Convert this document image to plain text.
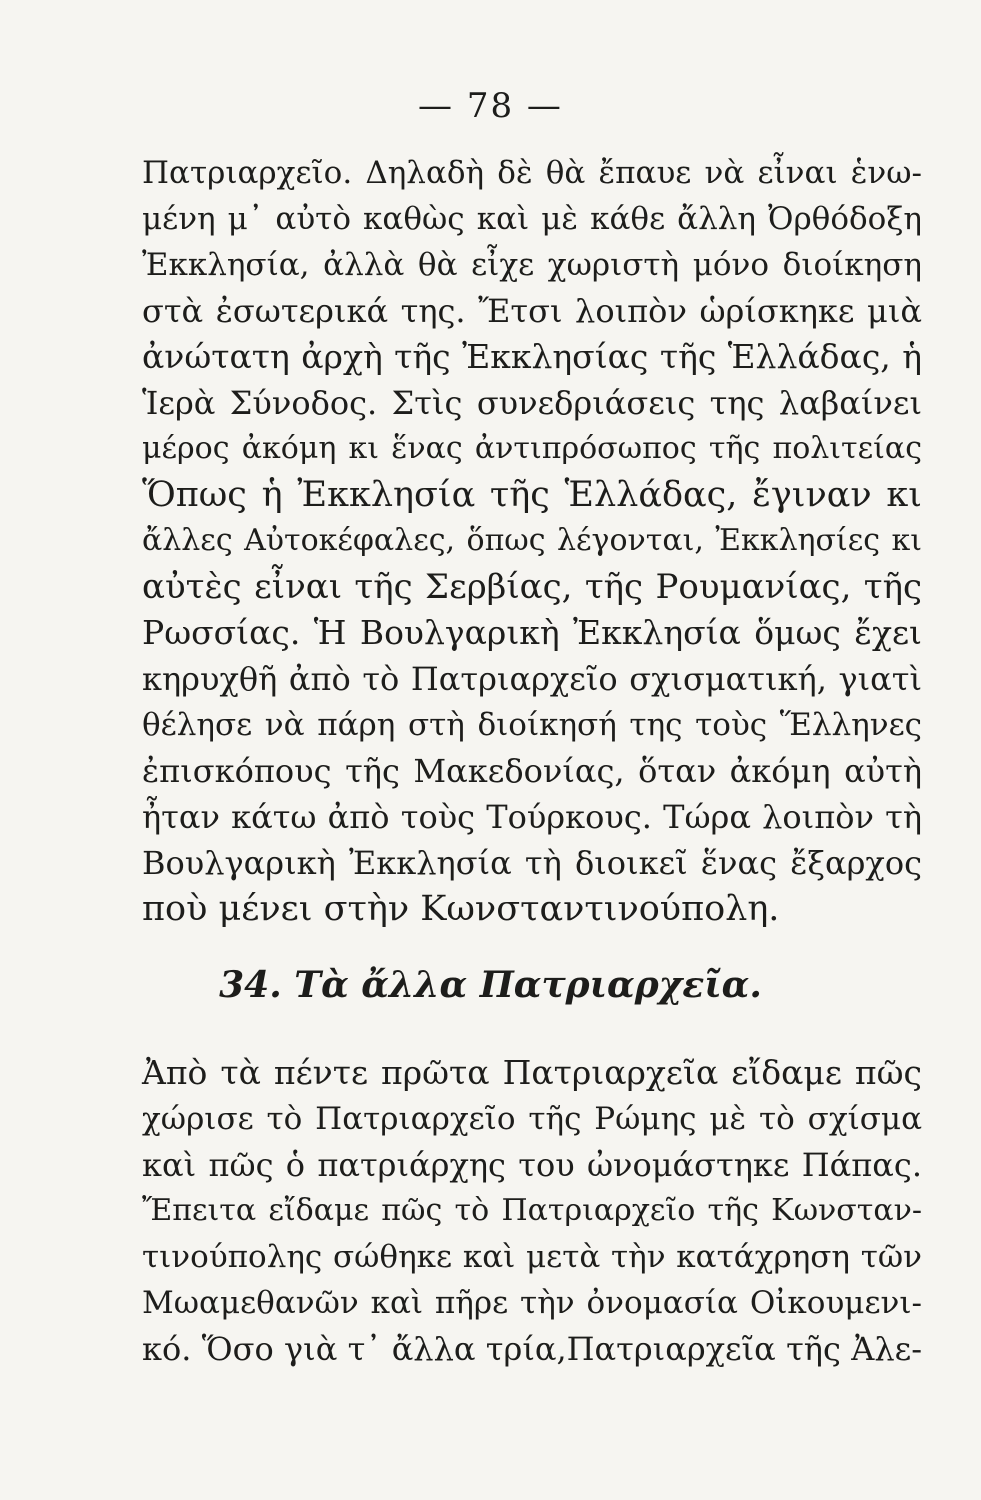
— 78 —
Πατριαρχεῖο. Δηλαδὴ δὲ θὰ ἔπαυε νὰ εἶναι ἑνω-
μένη μ᾽ αὐτὸ καθὼς καὶ μὲ κάθε ἄλλη Ὀρθόδοξη
Ἐκκλησία, ἀλλὰ θὰ εἶχε χωριστὴ μόνο διοίκηση
στὰ ἐσωτερικά της. Ἔτσι λοιπὸν ὡρίσκηκε μιὰ
ἀνώτατη ἀρχὴ τῆς Ἐκκλησίας τῆς Ἑλλάδας, ἡ
Ἱερὰ Σύνοδος. Στὶς συνεδριάσεις της λαβαίνει
μέρος ἀκόμη κι ἕνας ἀντιπρόσωπος τῆς πολιτείας
Ὅπως ἡ Ἐκκλησία τῆς Ἑλλάδας, ἔγιναν κι
ἄλλες Αὐτοκέφαλες, ὅπως λέγονται, Ἐκκλησίες κι
αὐτὲς εἶναι τῆς Σερβίας, τῆς Ρουμανίας, τῆς
Ρωσσίας. Ἡ Βουλγαρικὴ Ἐκκλησία ὅμως ἔχει
κηρυχθῆ ἀπὸ τὸ Πατριαρχεῖο σχισματική, γιατὶ
θέλησε νὰ πάρη στὴ διοίκησή της τοὺς Ἕλληνες
ἐπισκόπους τῆς Μακεδονίας, ὅταν ἀκόμη αὐτὴ
ἦταν κάτω ἀπὸ τοὺς Τούρκους. Τώρα λοιπὸν τὴ
Βουλγαρικὴ Ἐκκλησία τὴ διοικεῖ ἕνας ἔξαρχος
ποὺ μένει στὴν Κωνσταντινούπολη.
34. Τὰ ἄλλα Πατριαρχεῖα.
Ἀπὸ τὰ πέντε πρῶτα Πατριαρχεῖα εἴδαμε πῶς
χώρισε τὸ Πατριαρχεῖο τῆς Ρώμης μὲ τὸ σχίσμα
καὶ πῶς ὁ πατριάρχης του ὠνομάστηκε Πάπας.
Ἔπειτα εἴδαμε πῶς τὸ Πατριαρχεῖο τῆς Κωνσταν-
τινούπολης σώθηκε καὶ μετὰ τὴν κατάχρηση τῶν
Μωαμεθανῶν καὶ πῆρε τὴν ὀνομασία Οἰκουμενι-
κό. Ὅσο γιὰ τ᾽ ἄλλα τρία,Πατριαρχεῖα τῆς Ἀλε-
